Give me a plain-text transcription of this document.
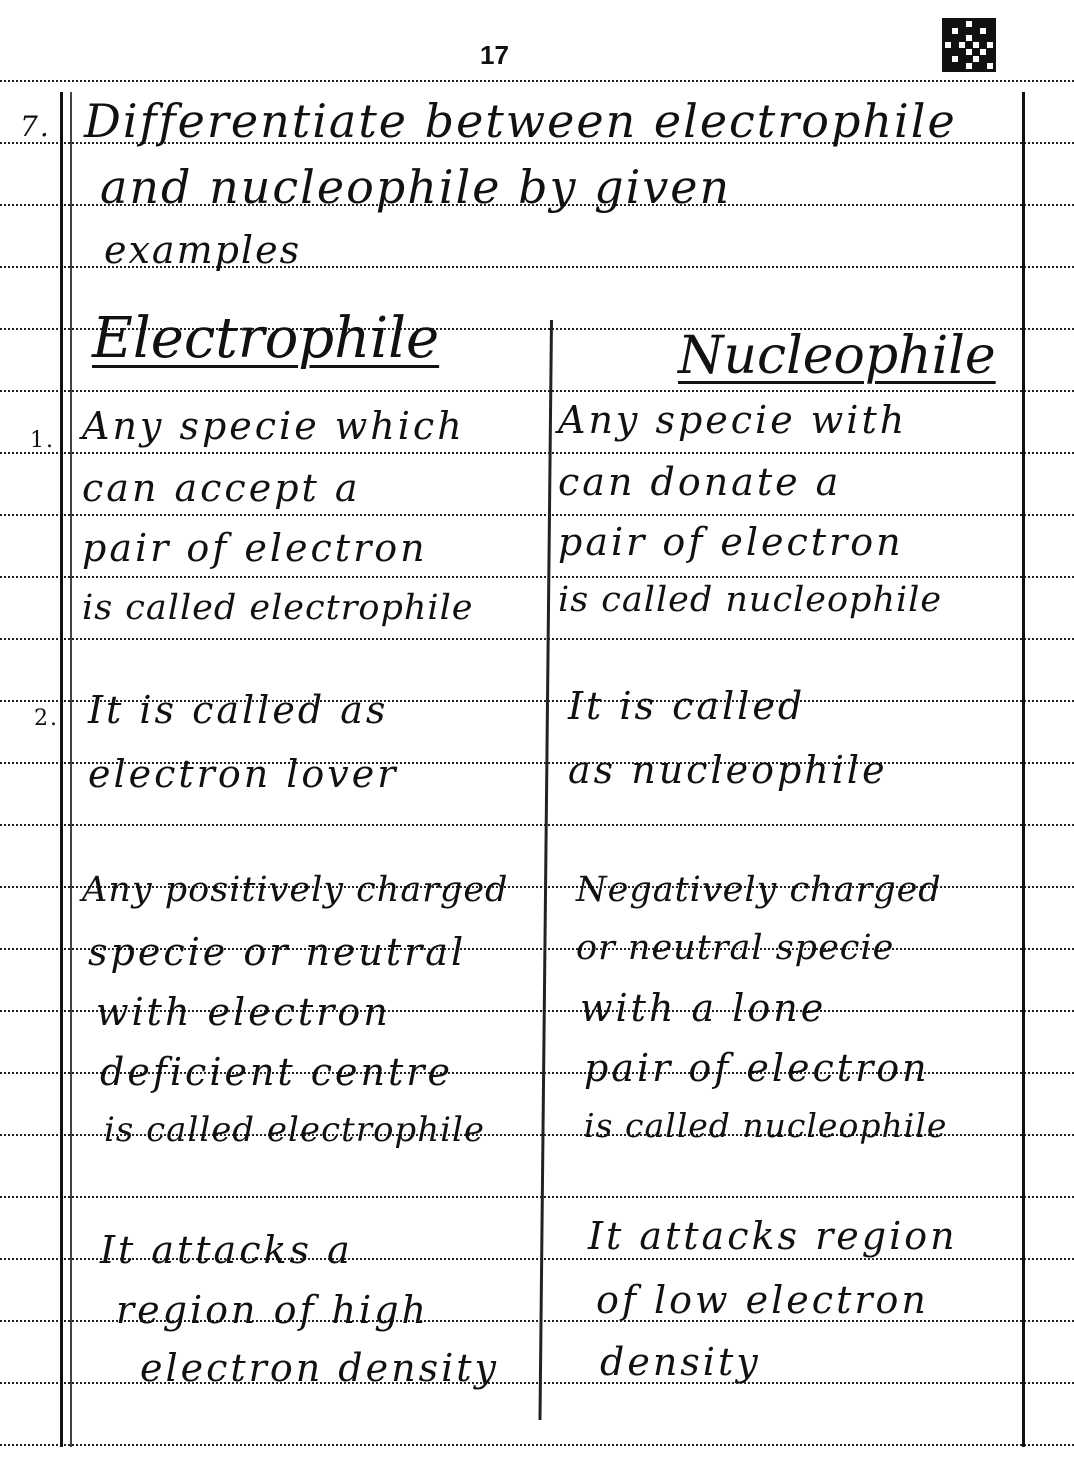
17
7. Differentiate between electrophile
and nucleophile by given
examples
Electrophile	Nucleophile
1. Any specie which
can accept a
pair of electron
is called electrophile
Any specie with
can donate a
pair of electron
is called nucleophile
2. It is called as
electron lover
It is called
as nucleophile
Any positively charged
specie or neutral
with electron
deficient centre
is called electrophile
Negatively charged
or neutral specie
with a lone
pair of electron
is called nucleophile
It attacks a
region of high
electron density
It attacks region
of low electron
density
